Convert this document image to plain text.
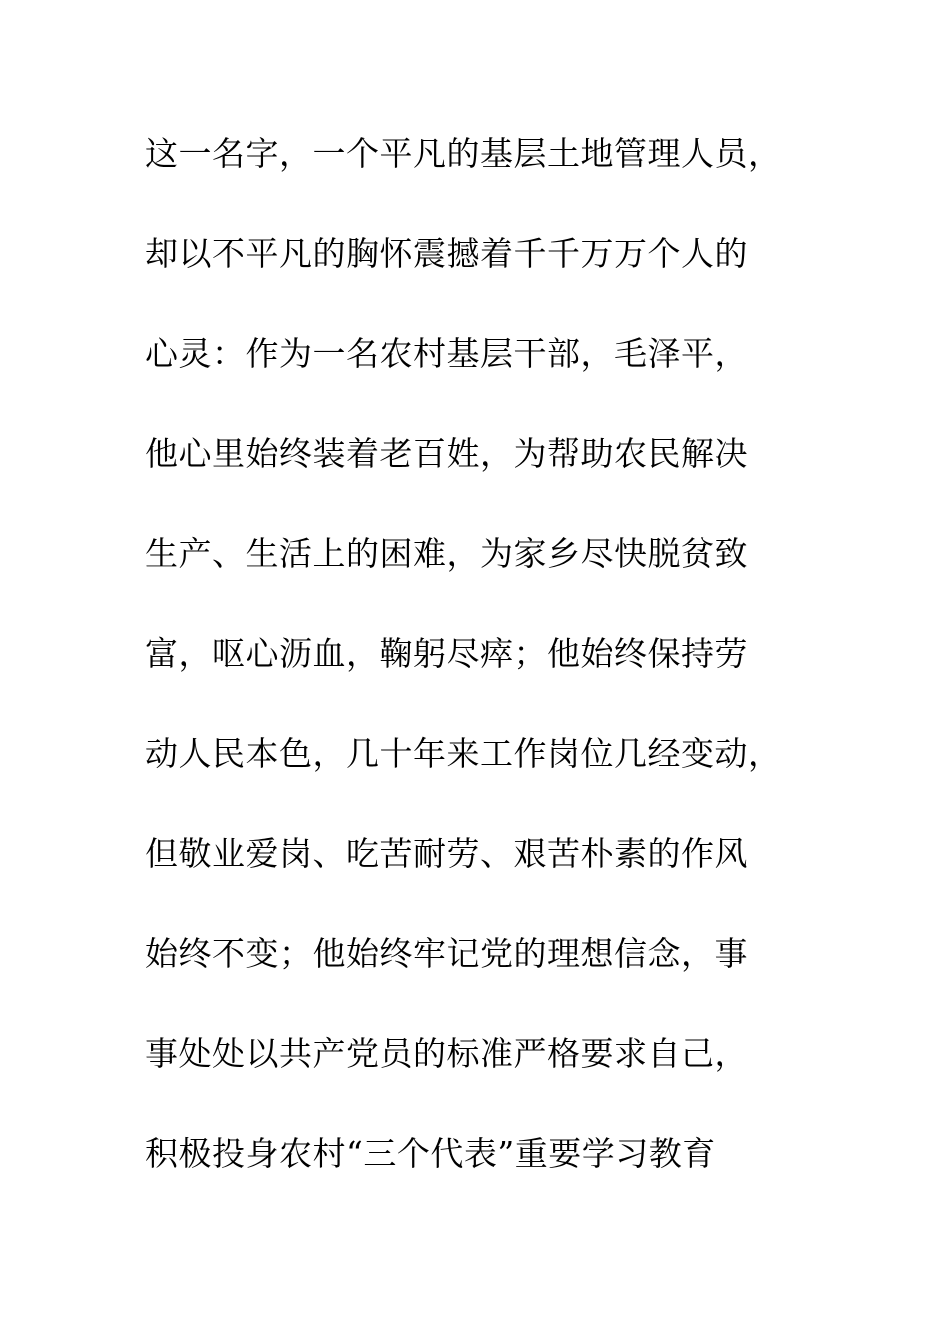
这一名字，一个平凡的基层土地管理人员，
却以不平凡的胸怀震撼着千千万万个人的
心灵：作为一名农村基层干部，毛泽平，
他心里始终装着老百姓，为帮助农民解决
生产、生活上的困难，为家乡尽快脱贫致
富，呕心沥血，鞠躬尽瘁；他始终保持劳
动人民本色，几十年来工作岗位几经变动，
但敬业爱岗、吃苦耐劳、艰苦朴素的作风
始终不变；他始终牢记党的理想信念，事
事处处以共产党员的标准严格要求自己，
积极投身农村“三个代表”重要学习教育
